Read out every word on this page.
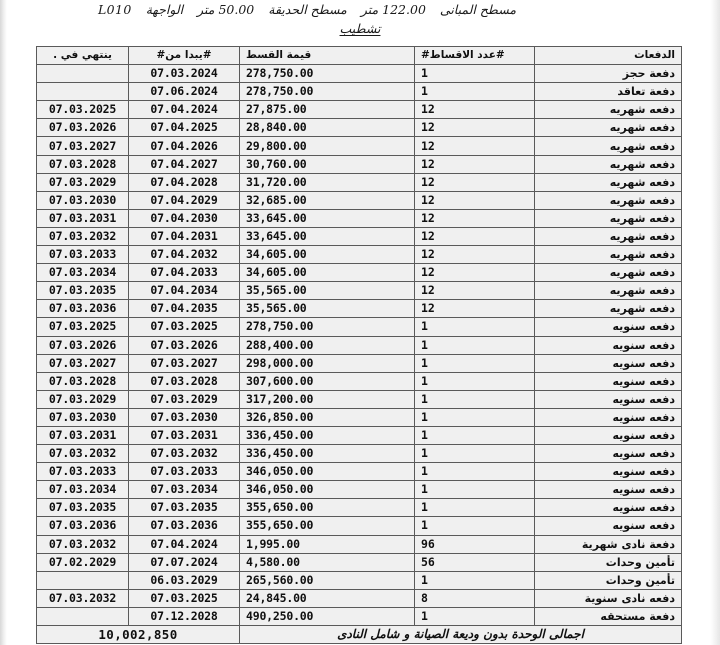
مسطح المبانى122.00 مترمسطح الحديقة50.00 مترالواجهةL010
تشطيب
الدفعات	#عدد الاقساط#	قيمة القسط	#يبدا من#	ينتهي في .
دفعة حجز	1	278,750.00	07.03.2024	
دفعة تعاقد	1	278,750.00	07.06.2024	
دفعه شهريه	12	27,875.00	07.04.2024	07.03.2025
دفعه شهريه	12	28,840.00	07.04.2025	07.03.2026
دفعه شهريه	12	29,800.00	07.04.2026	07.03.2027
دفعه شهريه	12	30,760.00	07.04.2027	07.03.2028
دفعه شهريه	12	31,720.00	07.04.2028	07.03.2029
دفعه شهريه	12	32,685.00	07.04.2029	07.03.2030
دفعه شهريه	12	33,645.00	07.04.2030	07.03.2031
دفعه شهريه	12	33,645.00	07.04.2031	07.03.2032
دفعه شهريه	12	34,605.00	07.04.2032	07.03.2033
دفعه شهريه	12	34,605.00	07.04.2033	07.03.2034
دفعه شهريه	12	35,565.00	07.04.2034	07.03.2035
دفعه شهريه	12	35,565.00	07.04.2035	07.03.2036
دفعه سنويه	1	278,750.00	07.03.2025	07.03.2025
دفعه سنويه	1	288,400.00	07.03.2026	07.03.2026
دفعه سنويه	1	298,000.00	07.03.2027	07.03.2027
دفعه سنويه	1	307,600.00	07.03.2028	07.03.2028
دفعه سنويه	1	317,200.00	07.03.2029	07.03.2029
دفعه سنويه	1	326,850.00	07.03.2030	07.03.2030
دفعه سنويه	1	336,450.00	07.03.2031	07.03.2031
دفعه سنويه	1	336,450.00	07.03.2032	07.03.2032
دفعه سنويه	1	346,050.00	07.03.2033	07.03.2033
دفعه سنويه	1	346,050.00	07.03.2034	07.03.2034
دفعه سنويه	1	355,650.00	07.03.2035	07.03.2035
دفعه سنويه	1	355,650.00	07.03.2036	07.03.2036
دفعة نادى شهرية	96	1,995.00	07.04.2024	07.03.2032
تأمين وحدات	56	4,580.00	07.07.2024	07.02.2029
تأمين وحدات	1	265,560.00	06.03.2029	
دفعه نادى سنوية	8	24,845.00	07.03.2025	07.03.2032
دفعة مستحقه	1	490,250.00	07.12.2028	
اجمالى الوحدة بدون وديعة الصيانة و شامل النادى			10,002,850	
